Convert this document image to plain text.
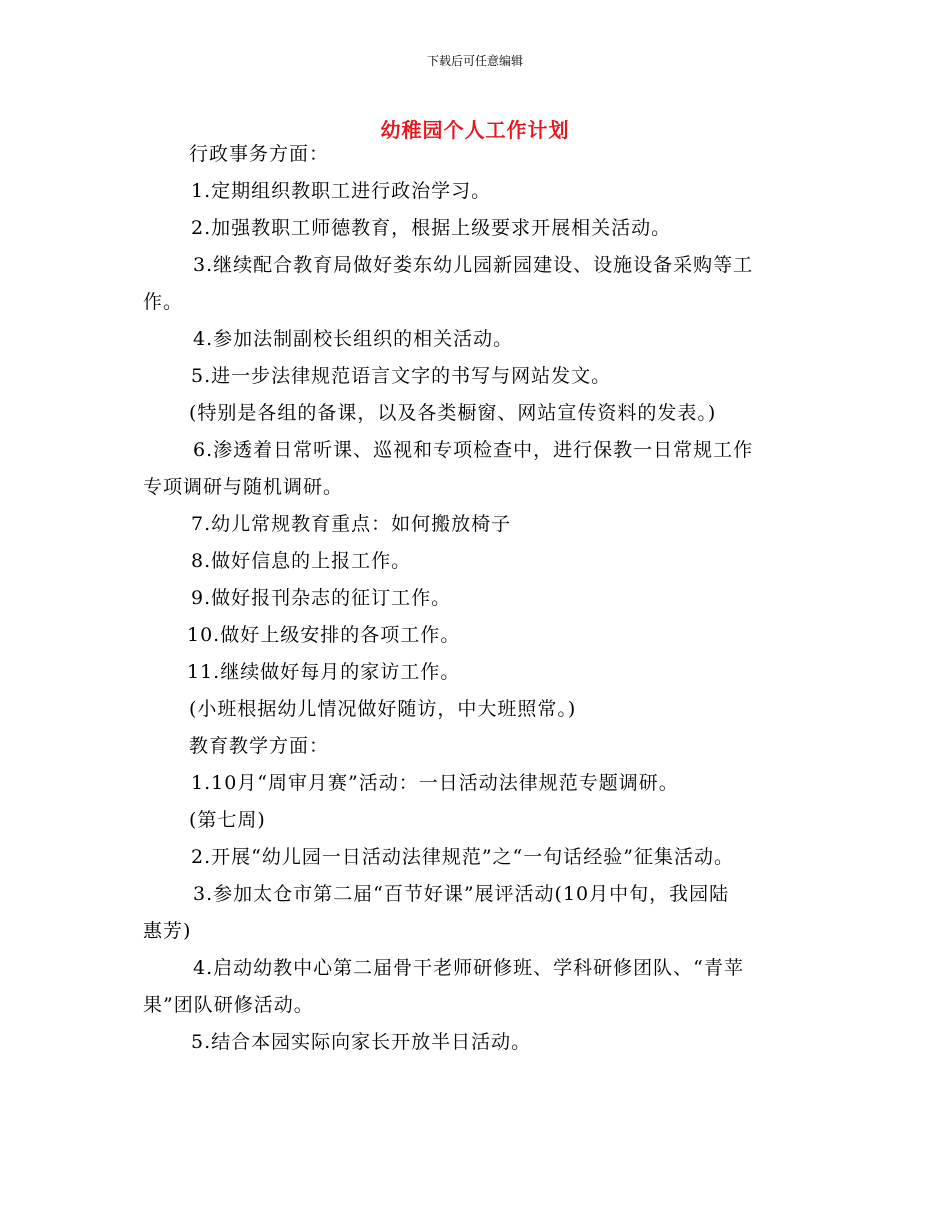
下载后可任意编辑
幼稚园个人工作计划
行政事务方面：
1.定期组织教职工进行政治学习。
2.加强教职工师德教育，根据上级要求开展相关活动。
3.继续配合教育局做好娄东幼儿园新园建设、设施设备采购等工
作。
4.参加法制副校长组织的相关活动。
5.进一步法律规范语言文字的书写与网站发文。
(特别是各组的备课，以及各类橱窗、网站宣传资料的发表。)
6.渗透着日常听课、巡视和专项检查中，进行保教一日常规工作
专项调研与随机调研。
7.幼儿常规教育重点：如何搬放椅子
8.做好信息的上报工作。
9.做好报刊杂志的征订工作。
10.做好上级安排的各项工作。
11.继续做好每月的家访工作。
(小班根据幼儿情况做好随访，中大班照常。)
教育教学方面：
1.10月“周审月赛”活动：一日活动法律规范专题调研。
(第七周)
2.开展“幼儿园一日活动法律规范”之“一句话经验”征集活动。
3.参加太仓市第二届“百节好课”展评活动(10月中旬，我园陆
惠芳)
4.启动幼教中心第二届骨干老师研修班、学科研修团队、“青苹
果”团队研修活动。
5.结合本园实际向家长开放半日活动。
